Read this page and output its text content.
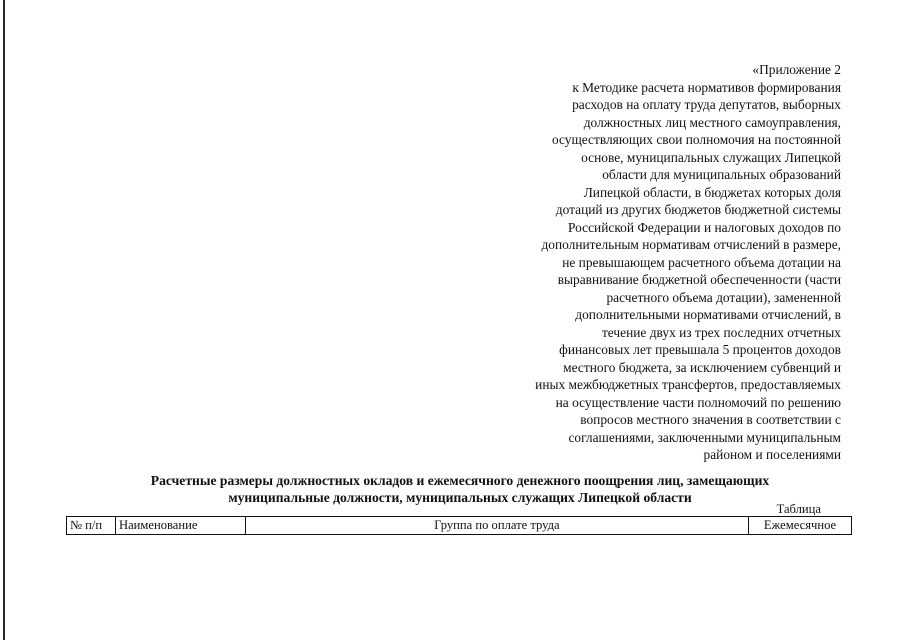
«Приложение 2
к Методике расчета нормативов формирования
расходов на оплату труда депутатов, выборных
должностных лиц местного самоуправления,
осуществляющих свои полномочия на постоянной
основе, муниципальных служащих Липецкой
области для муниципальных образований
Липецкой области, в бюджетах которых доля
дотаций из других бюджетов бюджетной системы
Российской Федерации и налоговых доходов по
дополнительным нормативам отчислений в размере,
не превышающем расчетного объема дотации на
выравнивание бюджетной обеспеченности (части
расчетного объема дотации), замененной
дополнительными нормативами отчислений, в
течение двух из трех последних отчетных
финансовых лет превышала 5 процентов доходов
местного бюджета, за исключением субвенций и
иных межбюджетных трансфертов, предоставляемых
на осуществление части полномочий по решению
вопросов местного значения в соответствии с
соглашениями, заключенными муниципальным
районом и поселениями
Расчетные размеры должностных окладов и ежемесячного денежного поощрения лиц, замещающих
муниципальные должности, муниципальных служащих Липецкой области
Таблица
№ п/п	Наименование	Группа по оплате труда	Ежемесячное
